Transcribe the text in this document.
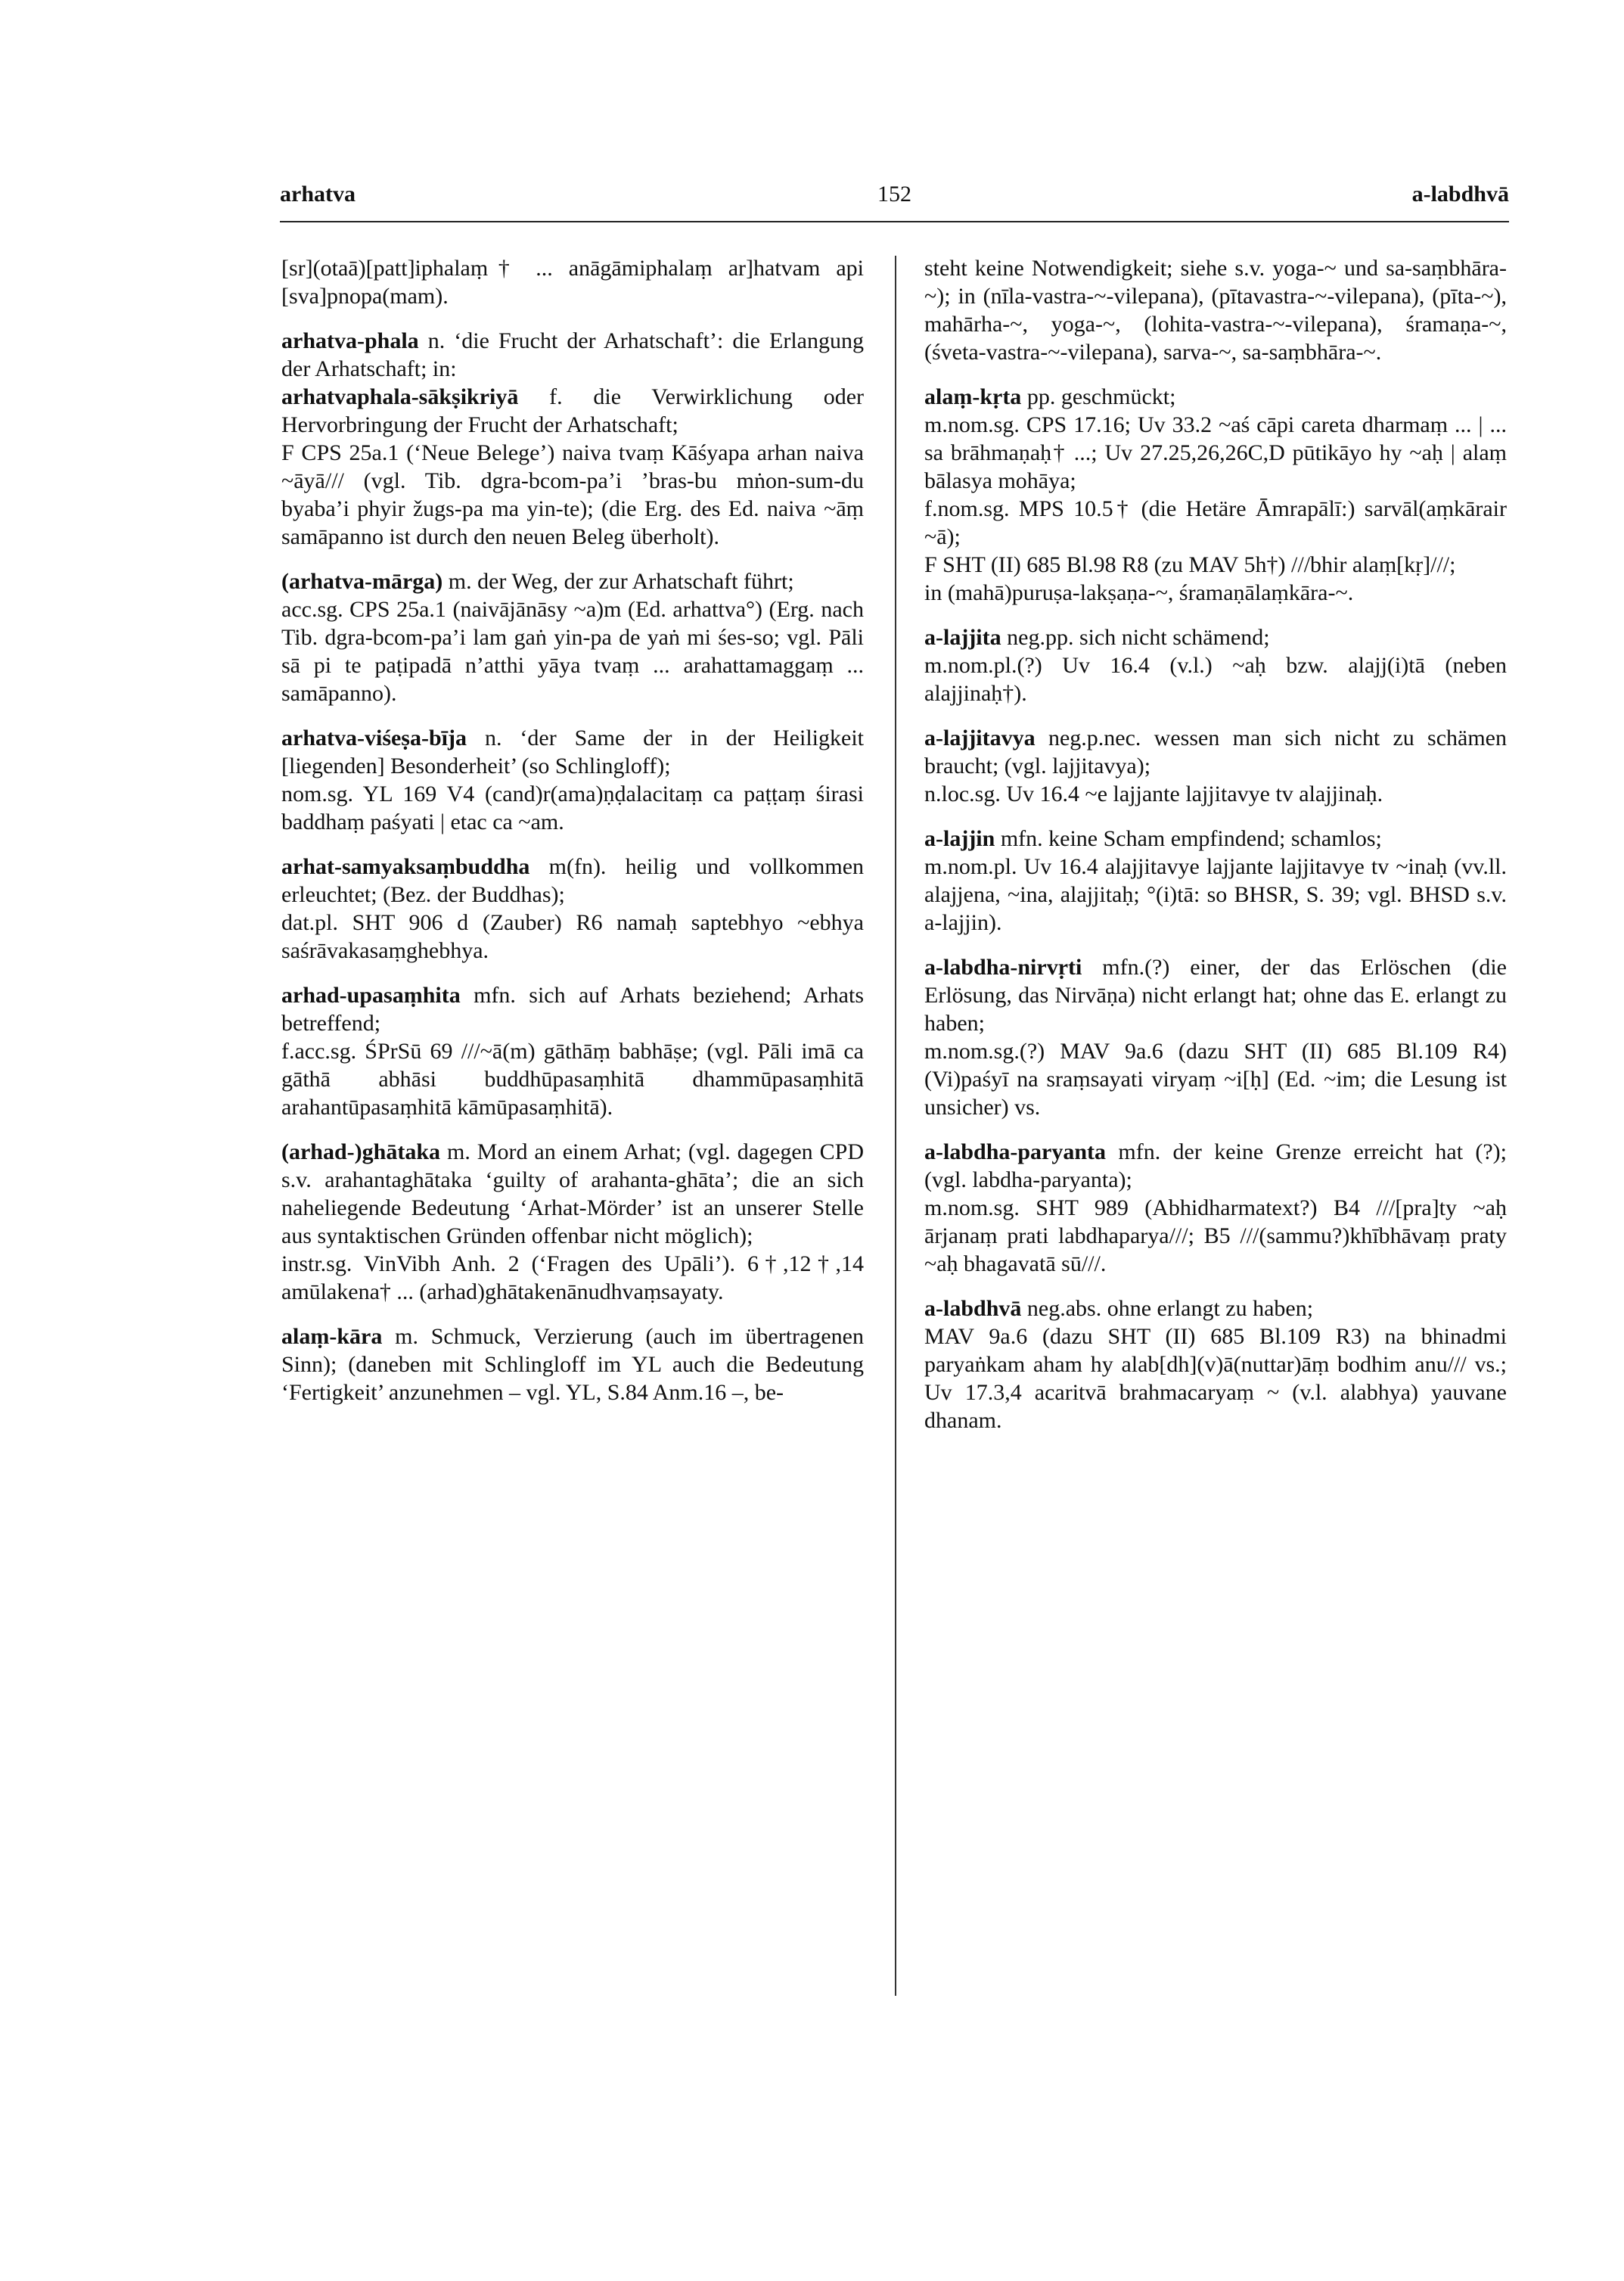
arhatva	152	a-labdhvā

[sr](otaā)[patt]iphalaṃ† ... anāgāmiphalaṃ ar]hatvam api [sva]pnopa(mam).

arhatva-phala n. ‘die Frucht der Arhatschaft’: die Erlangung der Arhatschaft; in:

arhatvaphala-sākṣikriyā f. die Verwirklichung oder Hervorbringung der Frucht der Arhatschaft;

F CPS 25a.1 (‘Neue Belege’) naiva tvaṃ Kāśyapa arhan naiva ~āyā/// (vgl. Tib. dgra-bcom-pa’i ’bras-bu mṅon-sum-du byaba’i phyir žugs-pa ma yin-te); (die Erg. des Ed. naiva ~āṃ samāpanno ist durch den neuen Beleg überholt).

(arhatva-mārga) m. der Weg, der zur Arhatschaft führt;

acc.sg. CPS 25a.1 (naivājānāsy ~a)m (Ed. arhattva°) (Erg. nach Tib. dgra-bcom-pa’i lam gaṅ yin-pa de yaṅ mi śes-so; vgl. Pāli sā pi te paṭipadā n’atthi yāya tvaṃ ... arahattamaggaṃ ... samāpanno).

arhatva-viśeṣa-bīja n. ‘der Same der in der Heiligkeit [liegenden] Besonderheit’ (so Schlingloff);

nom.sg. YL 169 V4 (cand)r(ama)ṇḍalacitaṃ ca paṭṭaṃ śirasi baddhaṃ paśyati | etac ca ~am.

arhat-samyaksaṃbuddha m(fn). heilig und vollkommen erleuchtet; (Bez. der Buddhas);

dat.pl. SHT 906 d (Zauber) R6 namaḥ saptebhyo ~ebhya saśrāvakasaṃghebhya.

arhad-upasaṃhita mfn. sich auf Arhats beziehend; Arhats betreffend;

f.acc.sg. ŚPrSū 69 ///~ā(m) gāthāṃ babhāṣe; (vgl. Pāli imā ca gāthā abhāsi buddhūpasaṃhitā dhammūpasaṃhitā arahantūpasaṃhitā kāmūpasaṃhitā).

(arhad-)ghātaka m. Mord an einem Arhat; (vgl. dagegen CPD s.v. arahantaghātaka ‘guilty of arahanta-ghāta’; die an sich naheliegende Bedeutung ‘Arhat-Mörder’ ist an unserer Stelle aus syntaktischen Gründen offenbar nicht möglich);

instr.sg. VinVibh Anh. 2 (‘Fragen des Upāli’). 6†,12†,14 amūlakena† ... (arhad)ghātakenānudhvaṃsayaty.

alaṃ-kāra m. Schmuck, Verzierung (auch im übertragenen Sinn); (daneben mit Schlingloff im YL auch die Bedeutung ‘Fertigkeit’ anzunehmen – vgl. YL, S.84 Anm.16 –, be-

steht keine Notwendigkeit; siehe s.v. yoga-~ und sa-saṃbhāra-~); in (nīla-vastra-~-vilepana), (pītavastra-~-vilepana), (pīta-~), mahārha-~, yoga-~, (lohita-vastra-~-vilepana), śramaṇa-~, (śveta-vastra-~-vilepana), sarva-~, sa-saṃbhāra-~.

alaṃ-kṛta pp. geschmückt;

m.nom.sg. CPS 17.16; Uv 33.2 ~aś cāpi careta dharmaṃ ... | ... sa brāhmaṇaḥ† ...; Uv 27.25,26,26C,D pūtikāyo hy ~aḥ | alaṃ bālasya mohāya;

f.nom.sg. MPS 10.5† (die Hetäre Āmrapālī:) sarvāl(aṃkārair ~ā);

F SHT (II) 685 Bl.98 R8 (zu MAV 5h†) ///bhir alaṃ[kṛ]///;

in (mahā)puruṣa-lakṣaṇa-~, śramaṇālaṃkāra-~.

a-lajjita neg.pp. sich nicht schämend;

m.nom.pl.(?) Uv 16.4 (v.l.) ~aḥ bzw. alajj(i)tā (neben alajjinaḥ†).

a-lajjitavya neg.p.nec. wessen man sich nicht zu schämen braucht; (vgl. lajjitavya);

n.loc.sg. Uv 16.4 ~e lajjante lajjitavye tv alajjinaḥ.

a-lajjin mfn. keine Scham empfindend; schamlos;

m.nom.pl. Uv 16.4 alajjitavye lajjante lajjitavye tv ~inaḥ (vv.ll. alajjena, ~ina, alajjitaḥ; °(i)tā: so BHSR, S. 39; vgl. BHSD s.v. a-lajjin).

a-labdha-nirvṛti mfn.(?) einer, der das Erlöschen (die Erlösung, das Nirvāṇa) nicht erlangt hat; ohne das E. erlangt zu haben;

m.nom.sg.(?) MAV 9a.6 (dazu SHT (II) 685 Bl.109 R4) (Vi)paśyī na sraṃsayati viryaṃ ~i[ḥ] (Ed. ~im; die Lesung ist unsicher) vs.

a-labdha-paryanta mfn. der keine Grenze erreicht hat (?); (vgl. labdha-paryanta);

m.nom.sg. SHT 989 (Abhidharmatext?) B4 ///[pra]ty ~aḥ ārjanaṃ prati labdhaparya///; B5 ///(sammu?)khībhāvaṃ praty ~aḥ bhagavatā sū///.

a-labdhvā neg.abs. ohne erlangt zu haben;

MAV 9a.6 (dazu SHT (II) 685 Bl.109 R3) na bhinadmi paryaṅkam aham hy alab[dh](v)ā(nuttar)āṃ bodhim anu/// vs.; Uv 17.3,4 acaritvā brahmacaryaṃ ~ (v.l. alabhya) yauvane dhanam.
